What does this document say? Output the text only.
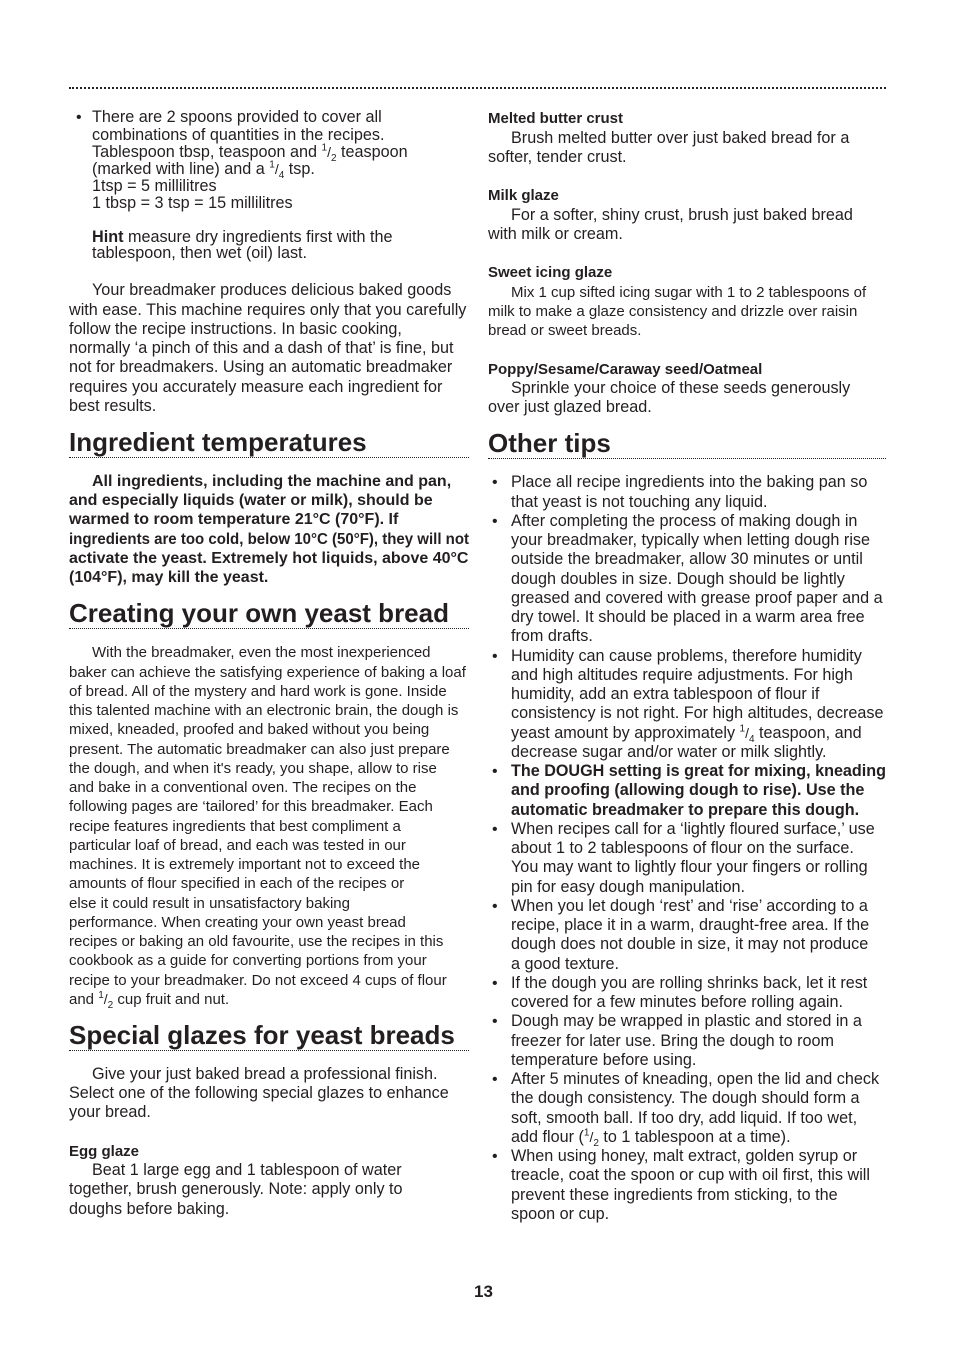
• There are 2 spoons provided to cover all
combinations of quantities in the recipes.
Tablespoon tbsp, teaspoon and $^1/_2$ teaspoon
(marked with line) and a $^1/_4$ tsp.
1tsp = 5 millilitres
1 tbsp = 3 tsp = 15 millilitres
Hint measure dry ingredients first with the
tablespoon, then wet (oil) last.
Your breadmaker produces delicious baked goods
with ease. This machine requires only that you carefully
follow the recipe instructions. In basic cooking,
normally ‘a pinch of this and a dash of that’ is fine, but
not for breadmakers. Using an automatic breadmaker
requires you accurately measure each ingredient for
best results.
Ingredient temperatures
All ingredients, including the machine and pan,
and especially liquids (water or milk), should be
warmed to room temperature 21°C (70°F). If
ingredients are too cold, below 10°C (50°F), they will not
activate the yeast. Extremely hot liquids, above 40°C
(104°F), may kill the yeast.
Creating your own yeast bread
With the breadmaker, even the most inexperienced
baker can achieve the satisfying experience of baking a loaf
of bread. All of the mystery and hard work is gone. Inside
this talented machine with an electronic brain, the dough is
mixed, kneaded, proofed and baked without you being
present. The automatic breadmaker can also just prepare
the dough, and when it's ready, you shape, allow to rise
and bake in a conventional oven. The recipes on the
following pages are ‘tailored’ for this breadmaker. Each
recipe features ingredients that best compliment a
particular loaf of bread, and each was tested in our
machines. It is extremely important not to exceed the
amounts of flour specified in each of the recipes or
else it could result in unsatisfactory baking
performance. When creating your own yeast bread
recipes or baking an old favourite, use the recipes in this
cookbook as a guide for converting portions from your
recipe to your breadmaker. Do not exceed 4 cups of flour
and $^1/_2$ cup fruit and nut.
Special glazes for yeast breads
Give your just baked bread a professional finish.
Select one of the following special glazes to enhance
your bread.
Egg glaze
Beat 1 large egg and 1 tablespoon of water
together, brush generously. Note: apply only to
doughs before baking.
Melted butter crust
Brush melted butter over just baked bread for a
softer, tender crust.
Milk glaze
For a softer, shiny crust, brush just baked bread
with milk or cream.
Sweet icing glaze
Mix 1 cup sifted icing sugar with 1 to 2 tablespoons of
milk to make a glaze consistency and drizzle over raisin
bread or sweet breads.
Poppy/Sesame/Caraway seed/Oatmeal
Sprinkle your choice of these seeds generously
over just glazed bread.
Other tips
• Place all recipe ingredients into the baking pan so
that yeast is not touching any liquid.
• After completing the process of making dough in
your breadmaker, typically when letting dough rise
outside the breadmaker, allow 30 minutes or until
dough doubles in size. Dough should be lightly
greased and covered with grease proof paper and a
dry towel. It should be placed in a warm area free
from drafts.
• Humidity can cause problems, therefore humidity
and high altitudes require adjustments. For high
humidity, add an extra tablespoon of flour if
consistency is not right. For high altitudes, decrease
yeast amount by approximately $^1/_4$ teaspoon, and
decrease sugar and/or water or milk slightly.
• The DOUGH setting is great for mixing, kneading
and proofing (allowing dough to rise). Use the
automatic breadmaker to prepare this dough.
• When recipes call for a ‘lightly floured surface,’ use
about 1 to 2 tablespoons of flour on the surface.
You may want to lightly flour your fingers or rolling
pin for easy dough manipulation.
• When you let dough ‘rest’ and ‘rise’ according to a
recipe, place it in a warm, draught-free area. If the
dough does not double in size, it may not produce
a good texture.
• If the dough you are rolling shrinks back, let it rest
covered for a few minutes before rolling again.
• Dough may be wrapped in plastic and stored in a
freezer for later use. Bring the dough to room
temperature before using.
• After 5 minutes of kneading, open the lid and check
the dough consistency. The dough should form a
soft, smooth ball. If too dry, add liquid. If too wet,
add flour ($^1/_2$ to 1 tablespoon at a time).
• When using honey, malt extract, golden syrup or
treacle, coat the spoon or cup with oil first, this will
prevent these ingredients from sticking, to the
spoon or cup.
13
